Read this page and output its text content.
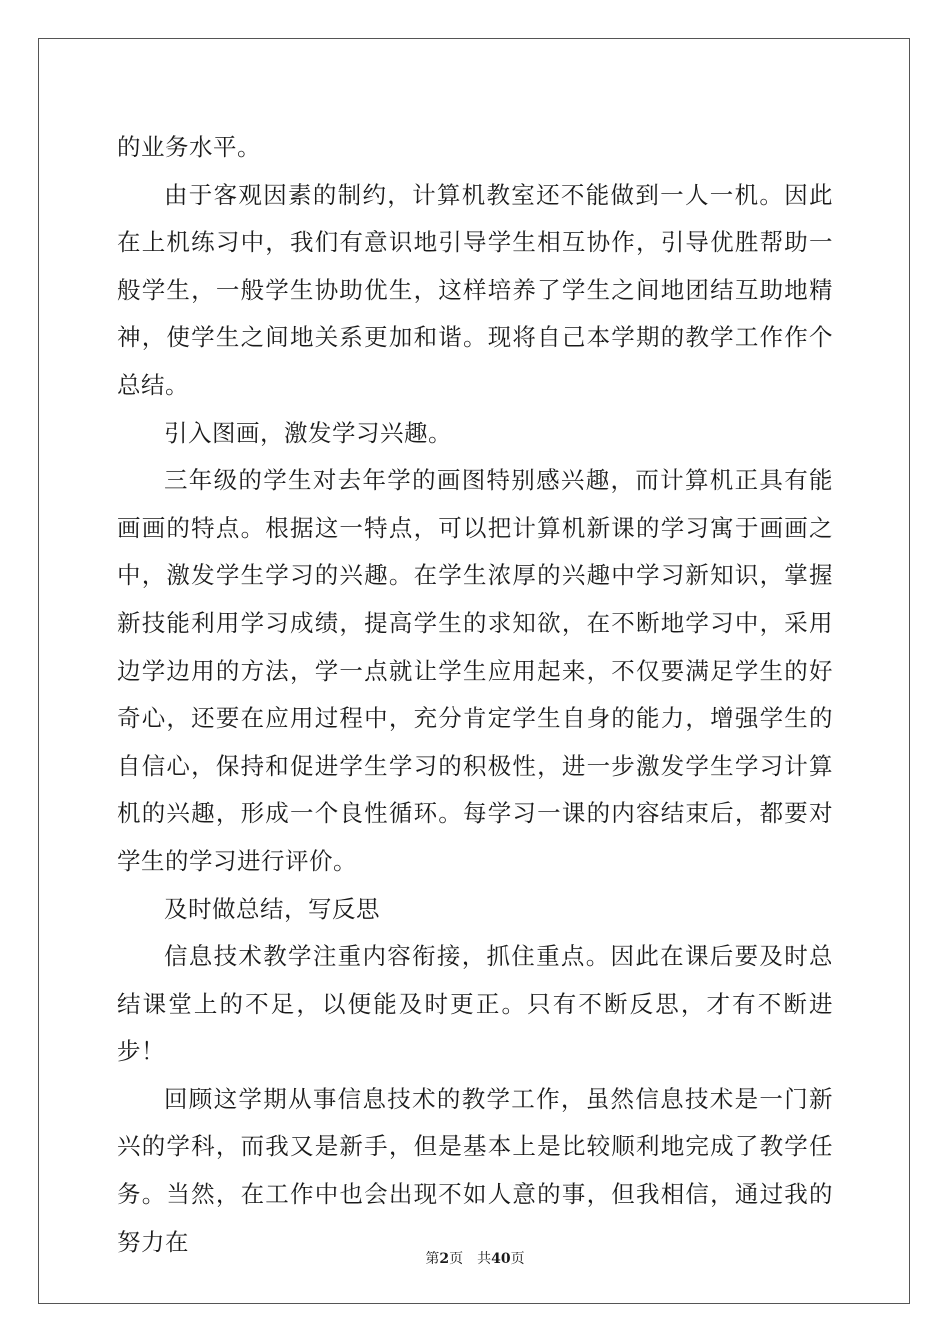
的业务水平。

由于客观因素的制约，计算机教室还不能做到一人一机。因此在上机练习中，我们有意识地引导学生相互协作，引导优胜帮助一般学生，一般学生协助优生，这样培养了学生之间地团结互助地精神，使学生之间地关系更加和谐。现将自己本学期的教学工作作个总结。

引入图画，激发学习兴趣。

三年级的学生对去年学的画图特别感兴趣，而计算机正具有能画画的特点。根据这一特点，可以把计算机新课的学习寓于画画之中，激发学生学习的兴趣。在学生浓厚的兴趣中学习新知识，掌握新技能利用学习成绩，提高学生的求知欲，在不断地学习中，采用边学边用的方法，学一点就让学生应用起来，不仅要满足学生的好奇心，还要在应用过程中，充分肯定学生自身的能力，增强学生的自信心，保持和促进学生学习的积极性，进一步激发学生学习计算机的兴趣，形成一个良性循环。每学习一课的内容结束后，都要对学生的学习进行评价。

及时做总结，写反思

信息技术教学注重内容衔接，抓住重点。因此在课后要及时总结课堂上的不足，以便能及时更正。只有不断反思，才有不断进步！

回顾这学期从事信息技术的教学工作，虽然信息技术是一门新兴的学科，而我又是新手，但是基本上是比较顺利地完成了教学任务。当然，在工作中也会出现不如人意的事，但我相信，通过我的努力在

第2页 共40页
